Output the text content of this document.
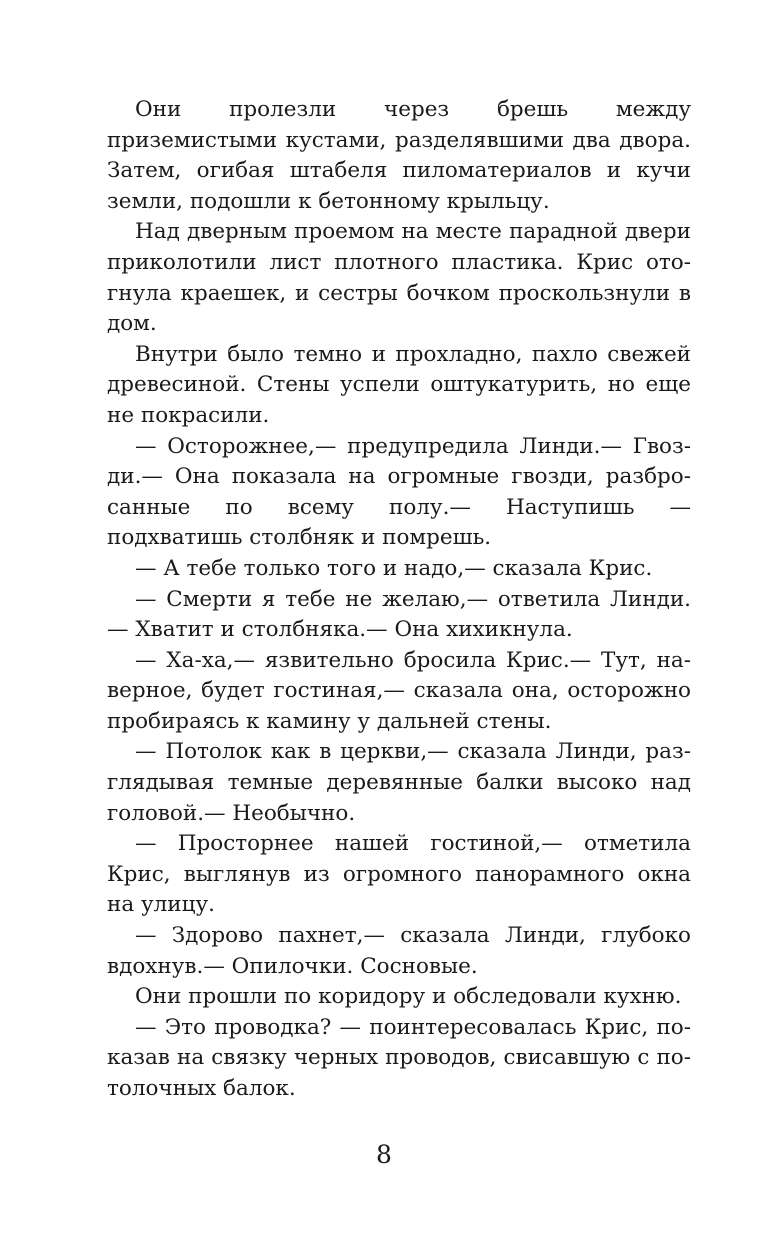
Они пролезли через брешь между приземистыми кустами, разделявшими два двора. Затем, огибая штабеля пиломатериалов и кучи земли, подошли к бетонному крыльцу.

Над дверным проемом на месте парадной двери приколотили лист плотного пластика. Крис отогнула краешек, и сестры бочком проскользнули в дом.

Внутри было темно и прохладно, пахло свежей древесиной. Стены успели оштукатурить, но еще не покрасили.

— Осторожнее,— предупредила Линди.— Гвозди.— Она показала на огромные гвозди, разбросанные по всему полу.— Наступишь — подхватишь столбняк и помрешь.

— А тебе только того и надо,— сказала Крис.

— Смерти я тебе не желаю,— ответила Линди.— Хватит и столбняка.— Она хихикнула.

— Ха-ха,— язвительно бросила Крис.— Тут, наверное, будет гостиная,— сказала она, осторожно пробираясь к камину у дальней стены.

— Потолок как в церкви,— сказала Линди, разглядывая темные деревянные балки высоко над головой.— Необычно.

— Просторнее нашей гостиной,— отметила Крис, выглянув из огромного панорамного окна на улицу.

— Здорово пахнет,— сказала Линди, глубоко вдохнув.— Опилочки. Сосновые.

Они прошли по коридору и обследовали кухню.

— Это проводка? — поинтересовалась Крис, показав на связку черных проводов, свисавшую с потолочных балок.

8
